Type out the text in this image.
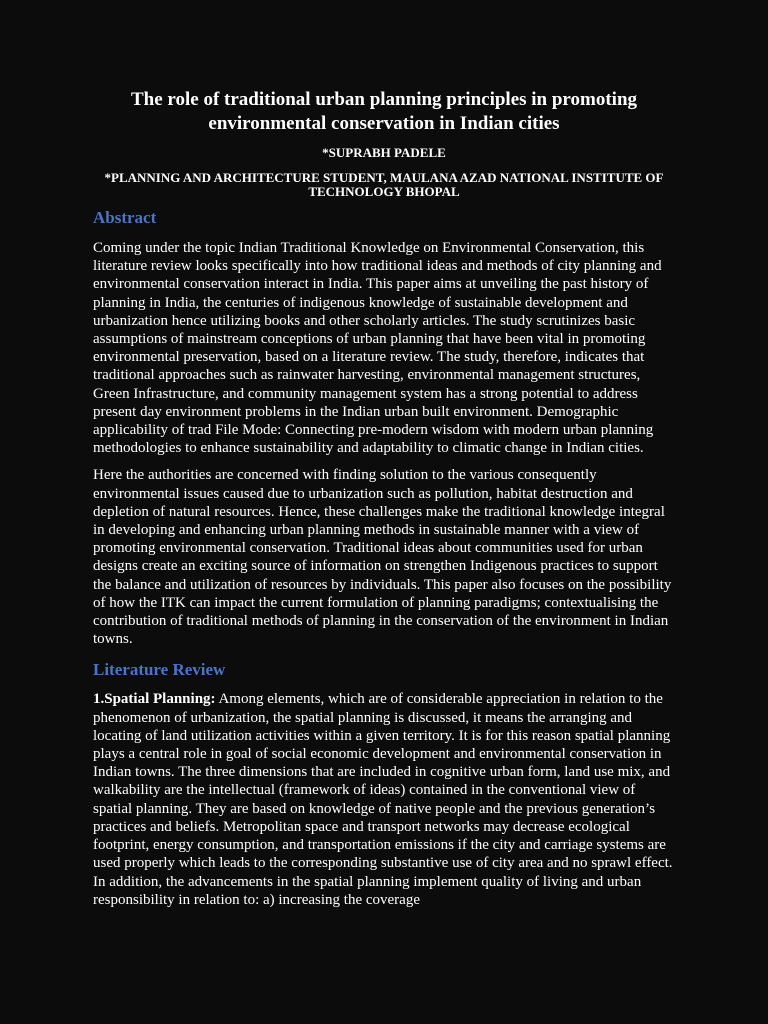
The role of traditional urban planning principles in promoting environmental conservation in Indian cities

*SUPRABH PADELE

*PLANNING AND ARCHITECTURE STUDENT, MAULANA AZAD NATIONAL INSTITUTE OF TECHNOLOGY BHOPAL

Abstract

Coming under the topic Indian Traditional Knowledge on Environmental Conservation, this literature review looks specifically into how traditional ideas and methods of city planning and environmental conservation interact in India. This paper aims at unveiling the past history of planning in India, the centuries of indigenous knowledge of sustainable development and urbanization hence utilizing books and other scholarly articles. The study scrutinizes basic assumptions of mainstream conceptions of urban planning that have been vital in promoting environmental preservation, based on a literature review. The study, therefore, indicates that traditional approaches such as rainwater harvesting, environmental management structures, Green Infrastructure, and community management system has a strong potential to address present day environment problems in the Indian urban built environment. Demographic applicability of trad File Mode: Connecting pre-modern wisdom with modern urban planning methodologies to enhance sustainability and adaptability to climatic change in Indian cities.

Here the authorities are concerned with finding solution to the various consequently environmental issues caused due to urbanization such as pollution, habitat destruction and depletion of natural resources. Hence, these challenges make the traditional knowledge integral in developing and enhancing urban planning methods in sustainable manner with a view of promoting environmental conservation. Traditional ideas about communities used for urban designs create an exciting source of information on strengthen Indigenous practices to support the balance and utilization of resources by individuals. This paper also focuses on the possibility of how the ITK can impact the current formulation of planning paradigms; contextualising the contribution of traditional methods of planning in the conservation of the environment in Indian towns.

Literature Review

1.Spatial Planning: Among elements, which are of considerable appreciation in relation to the phenomenon of urbanization, the spatial planning is discussed, it means the arranging and locating of land utilization activities within a given territory. It is for this reason spatial planning plays a central role in goal of social economic development and environmental conservation in Indian towns. The three dimensions that are included in cognitive urban form, land use mix, and walkability are the intellectual (framework of ideas) contained in the conventional view of spatial planning. They are based on knowledge of native people and the previous generation’s practices and beliefs. Metropolitan space and transport networks may decrease ecological footprint, energy consumption, and transportation emissions if the city and carriage systems are used properly which leads to the corresponding substantive use of city area and no sprawl effect. In addition, the advancements in the spatial planning implement quality of living and urban responsibility in relation to: a) increasing the coverage
